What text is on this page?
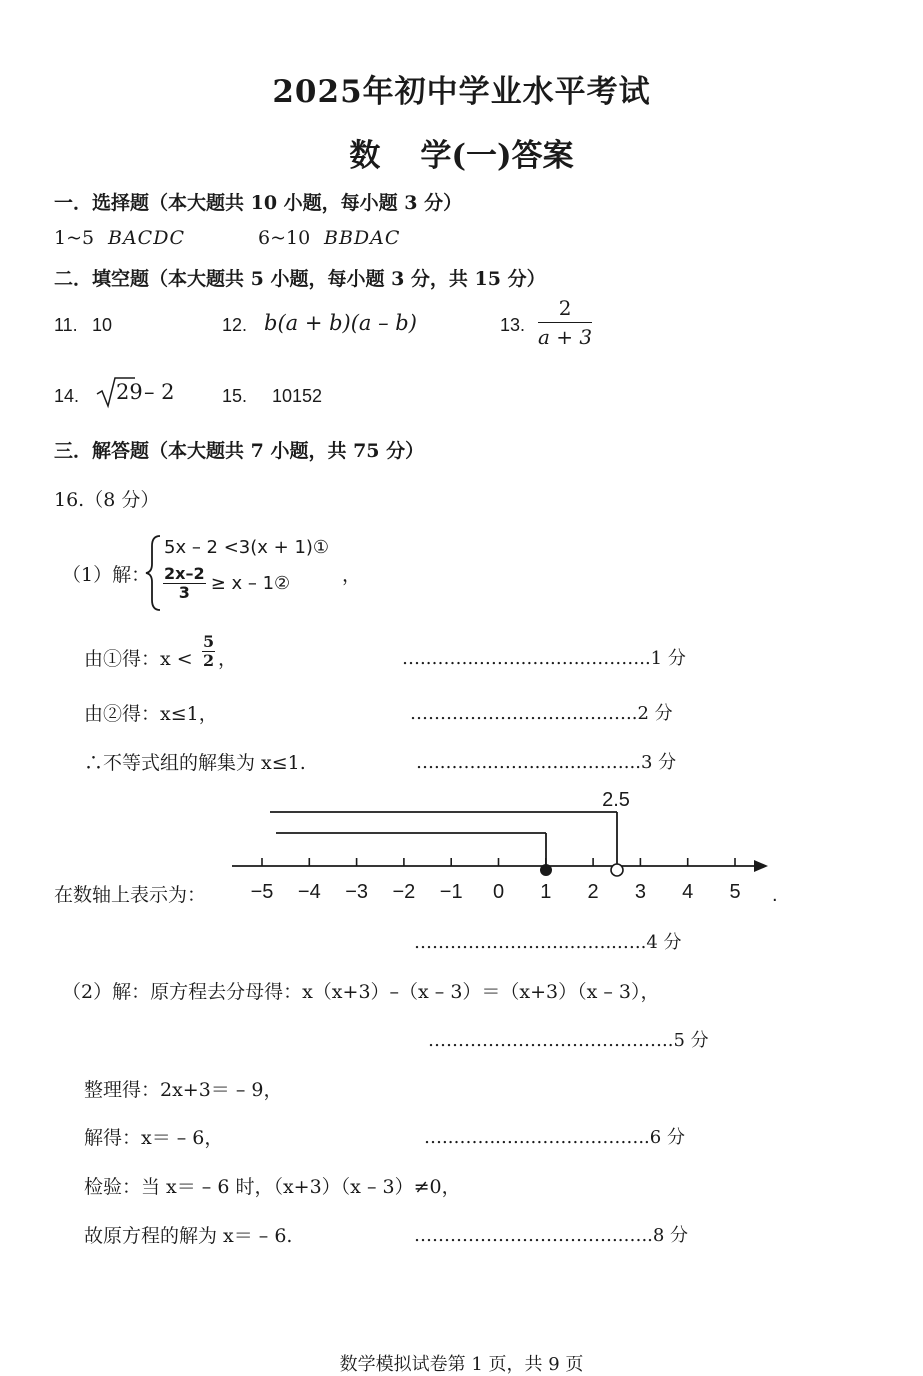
2025年初中学业水平考试
数 学(一)答案
一．选择题（本大题共 10 小题，每小题 3 分）
1~5 BACDC	6~10 BBDAC
二．填空题（本大题共 5 小题，每小题 3 分，共 15 分）
11. 10	12. b(a + b)(a – b)	13. $\frac{2}{a + 3}$
14. 29 – 2	15. 10152
三．解答题（本大题共 7 小题，共 75 分）
16.（8 分）
（1）解：
5x – 2 <3(x + 1)①
$\frac{2x-2}{3} \ge x$ – 1②	，
由①得：$x < \frac{5}{2}$ ，	…..……..……..…..…..………..1 分
由②得：x≤1，	………………………………..2 分
∴不等式组的解集为 x≤1.	…..……..……..…..………...3 分
在数轴上表示为：
2.5
−5 −4 −3 −2 −1 0 1 2 3 4 5 .
……………………..……..…..4 分
（2）解：原方程去分母得：x（x+3）–（x – 3）＝（x+3）（x – 3），
…………………………………..5 分
整理得：2x+3＝ – 9，
解得：x＝ – 6，	…..……..…..………………..6 分
检验：当 x＝ – 6 时，（x+3）（x – 3）≠0，
故原方程的解为 x＝ – 6.	……………………………..…..8 分
数学模拟试卷第 1 页，共 9 页
